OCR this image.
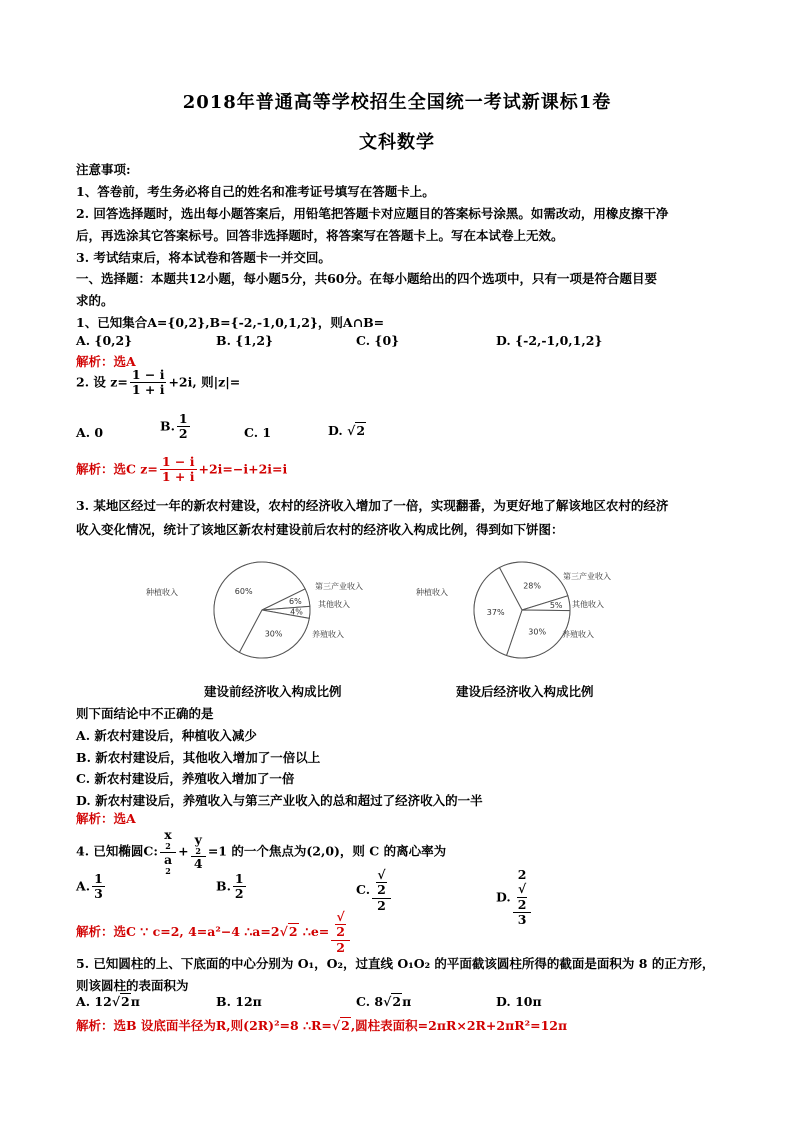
2018年普通高等学校招生全国统一考试新课标1卷
文科数学
注意事项:
1、答卷前，考生务必将自己的姓名和准考证号填写在答题卡上。
2. 回答选择题时，选出每小题答案后，用铅笔把答题卡对应题目的答案标号涂黑。如需改动，用橡皮擦干净
后，再选涂其它答案标号。回答非选择题时，将答案写在答题卡上。写在本试卷上无效。
3. 考试结束后，将本试卷和答题卡一并交回。
一、选择题：本题共12小题，每小题5分，共60分。在每小题给出的四个选项中，只有一项是符合题目要
求的。
1、已知集合A={0,2},B={-2,-1,0,1,2}，则A∩B=
A. {0,2}	B. {1,2}	C. {0}	D. {-2,-1,0,1,2}
解析：选A
2. 设 $z= \frac{1 - i}{1 + i} +2i$, 则|z|=
A. 0	B. $\frac{1}{2}$	C. 1	D. √2
解析：选C $z= \frac{1 - i}{1 + i} +2i=-i+2i=i$
3. 某地区经过一年的新农村建设，农村的经济收入增加了一倍，实现翻番，为更好地了解该地区农村的经济
收入变化情况，统计了该地区新农村建设前后农村的经济收入构成比例，得到如下饼图：
60%
6%
4%
30%
种植收入
第三产业收入
其他收入
养殖收入
28%
5%
30%
37%
种植收入
第三产业收入
其他收入
养殖收入
建设前经济收入构成比例	建设后经济收入构成比例
则下面结论中不正确的是
A. 新农村建设后，种植收入减少
B. 新农村建设后，其他收入增加了一倍以上
C. 新农村建设后，养殖收入增加了一倍
D. 新农村建设后，养殖收入与第三产业收入的总和超过了经济收入的一半
解析：选A
4. 已知椭圆C: x
2
a
2 + y
2
4 =1 的一个焦点为(2,0)，则 C 的离心率为
A. $\frac{1}{3}$	B. $\frac{1}{2}$	C. √
2
2	D. 2
√
2
3
解析：选C ∵ c=2, 4=a²−4 ∴a=2√2 ∴e= √
2
2
5. 已知圆柱的上、下底面的中心分别为 O₁，O₂，过直线 O₁O₂ 的平面截该圆柱所得的截面是面积为 8 的正方形，
则该圆柱的表面积为
A. 12√2π	B. 12π	C. 8√2π	D. 10π
解析：选B 设底面半径为R,则(2R)²=8 ∴R=√2,圆柱表面积=2πR×2R+2πR²=12π
